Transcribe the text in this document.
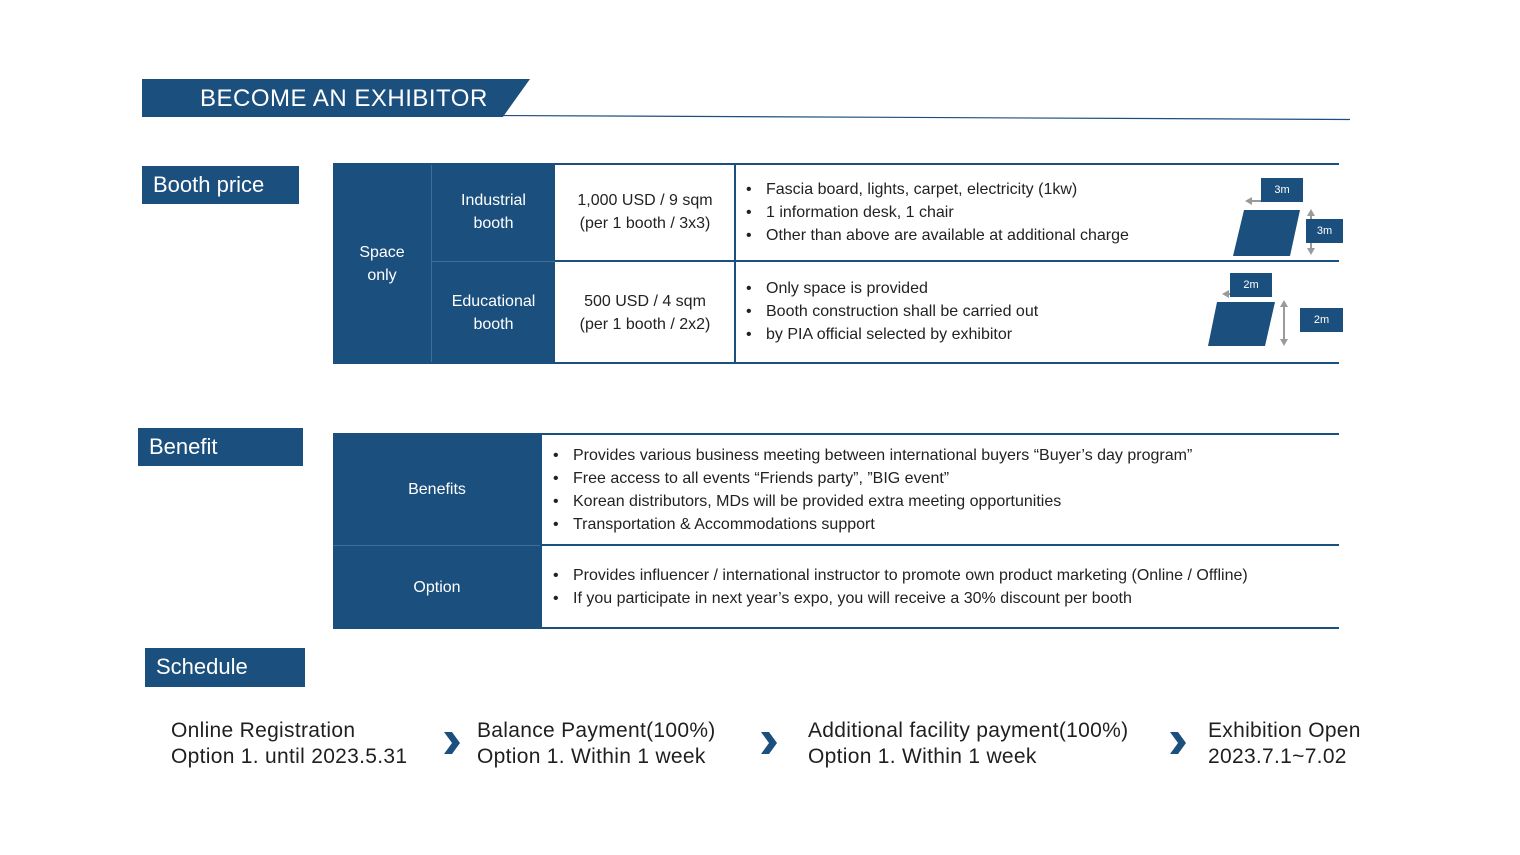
BECOME AN EXHIBITOR
Booth price
Space
only
Industrial
booth
Educational
booth
1,000 USD / 9 sqm
(per 1 booth / 3x3)
500 USD / 4 sqm
(per 1 booth / 2x2)
• Fascia board, lights, carpet, electricity (1kw)
• 1 information desk, 1 chair
• Other than above are available at additional charge
• Only space is provided
• Booth construction shall be carried out
• by PIA official selected by exhibitor
3m
3m
2m
2m
Benefit
Benefits
Option
• Provides various business meeting between international buyers “Buyer’s day program”
• Free access to all events “Friends party”, ”BIG event”
• Korean distributors, MDs will be provided extra meeting opportunities
• Transportation & Accommodations support
• Provides influencer / international instructor to promote own product marketing (Online / Offline)
• If you participate in next year’s expo, you will receive a 30% discount per booth
Schedule
Online Registration
Option 1. until 2023.5.31
Balance Payment(100%)
Option 1. Within 1 week
Additional facility payment(100%)
Option 1. Within 1 week
Exhibition Open
2023.7.1~7.02
